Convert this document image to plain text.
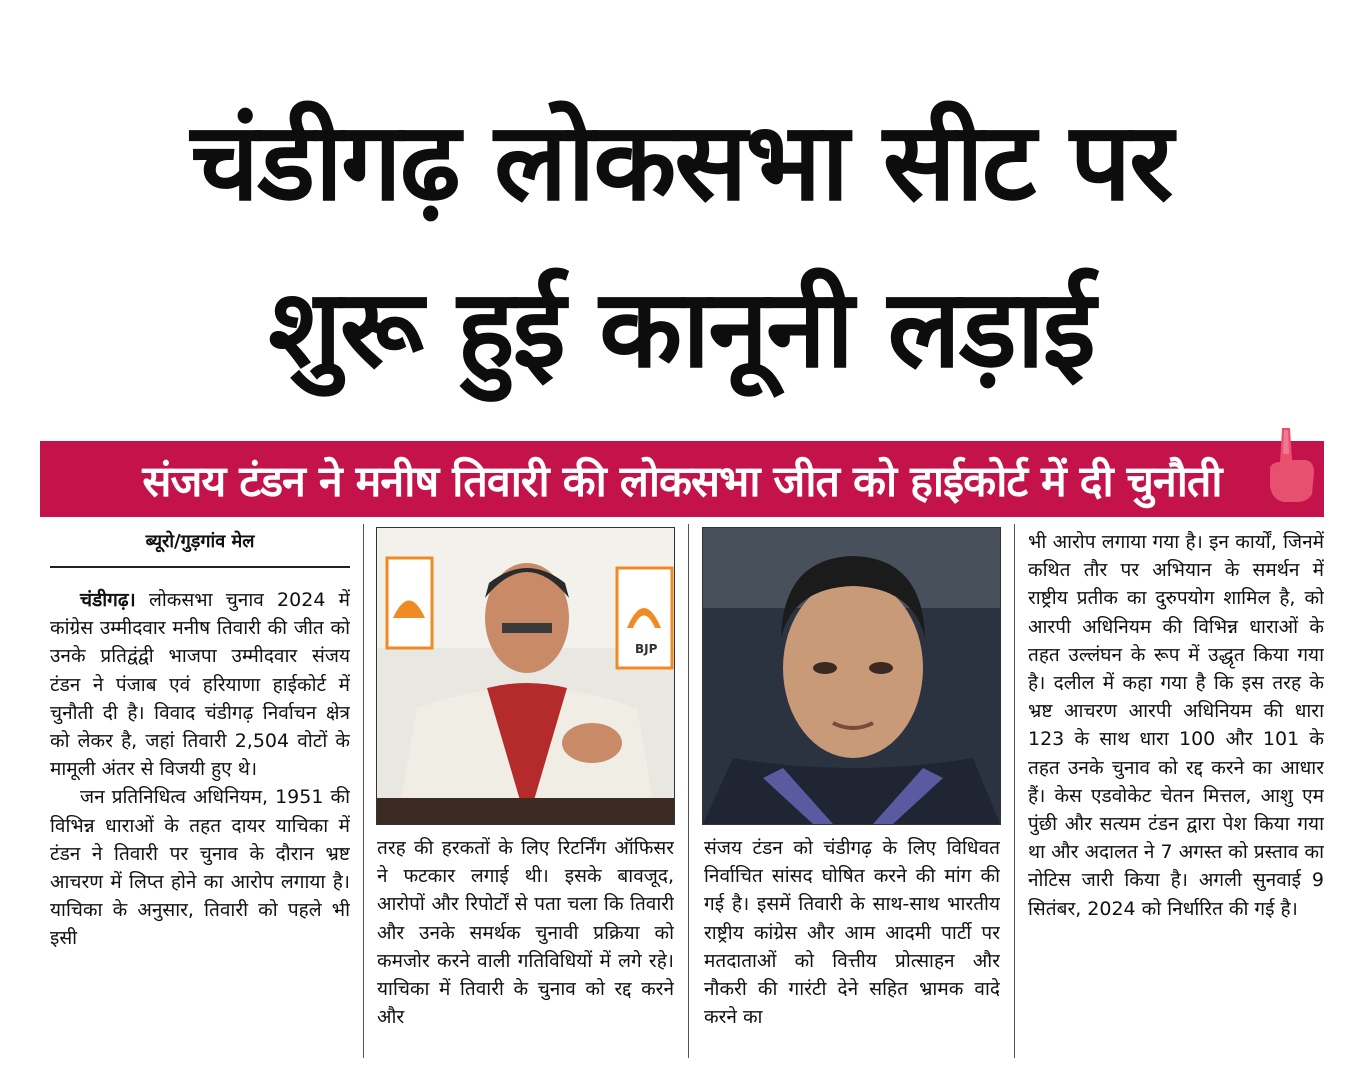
चंडीगढ़ लोकसभा सीट पर
शुरू हुई कानूनी लड़ाई
संजय टंडन ने मनीष तिवारी की लोकसभा जीत को हाईकोर्ट में दी चुनौती
ब्यूरो/गुड़गांव मेल

चंडीगढ़। लोकसभा चुनाव 2024 में कांग्रेस उम्मीदवार मनीष तिवारी की जीत को उनके प्रतिद्वंद्वी भाजपा उम्मीदवार संजय टंडन ने पंजाब एवं हरियाणा हाईकोर्ट में चुनौती दी है। विवाद चंडीगढ़ निर्वाचन क्षेत्र को लेकर है, जहां तिवारी 2,504 वोटों के मामूली अंतर से विजयी हुए थे।

जन प्रतिनिधित्व अधिनियम, 1951 की विभिन्न धाराओं के तहत दायर याचिका में टंडन ने तिवारी पर चुनाव के दौरान भ्रष्ट आचरण में लिप्त होने का आरोप लगाया है। याचिका के अनुसार, तिवारी को पहले भी इसी

BJP

तरह की हरकतों के लिए रिटर्निंग ऑफिसर ने फटकार लगाई थी। इसके बावजूद, आरोपों और रिपोर्टों से पता चला कि तिवारी और उनके समर्थक चुनावी प्रक्रिया को कमजोर करने वाली गतिविधियों में लगे रहे। याचिका में तिवारी के चुनाव को रद्द करने और

संजय टंडन को चंडीगढ़ के लिए विधिवत निर्वाचित सांसद घोषित करने की मांग की गई है। इसमें तिवारी के साथ-साथ भारतीय राष्ट्रीय कांग्रेस और आम आदमी पार्टी पर मतदाताओं को वित्तीय प्रोत्साहन और नौकरी की गारंटी देने सहित भ्रामक वादे करने का

भी आरोप लगाया गया है। इन कार्यों, जिनमें कथित तौर पर अभियान के समर्थन में राष्ट्रीय प्रतीक का दुरुपयोग शामिल है, को आरपी अधिनियम की विभिन्न धाराओं के तहत उल्लंघन के रूप में उद्धृत किया गया है। दलील में कहा गया है कि इस तरह के भ्रष्ट आचरण आरपी अधिनियम की धारा 123 के साथ धारा 100 और 101 के तहत उनके चुनाव को रद्द करने का आधार हैं। केस एडवोकेट चेतन मित्तल, आशु एम पुंछी और सत्यम टंडन द्वारा पेश किया गया था और अदालत ने 7 अगस्त को प्रस्ताव का नोटिस जारी किया है। अगली सुनवाई 9 सितंबर, 2024 को निर्धारित की गई है।
